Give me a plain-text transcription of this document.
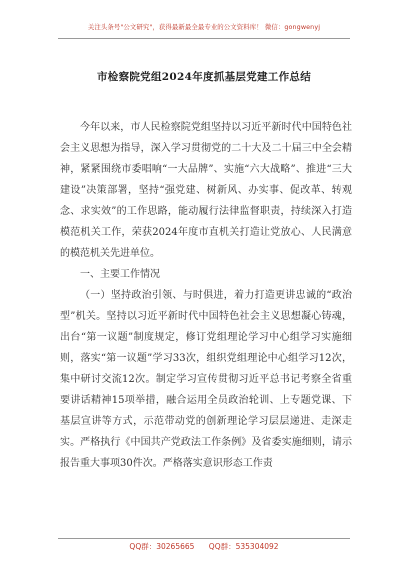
关注头条号"公文研究"，获得最新最全最专业的公文资料库！ 微信：gongwenyj
市检察院党组2024年度抓基层党建工作总结

今年以来，市人民检察院党组坚持以习近平新时代中国特色社会主义思想为指导，深入学习贯彻党的二十大及二十届三中全会精神，紧紧围绕市委唱响“一大品牌”、实施“六大战略”、推进“三大建设”决策部署，坚持“强党建、树新风、办实事、促改革、转观念、求实效”的工作思路，能动履行法律监督职责，持续深入打造模范机关工作，荣获2024年度市直机关打造让党放心、人民满意的模范机关先进单位。

一、主要工作情况

（一）坚持政治引领、与时俱进，着力打造更讲忠诚的“政治型”机关。坚持以习近平新时代中国特色社会主义思想凝心铸魂，出台“第一议题”制度规定，修订党组理论学习中心组学习实施细则，落实“第一议题”学习33次，组织党组理论中心组学习12次，集中研讨交流12次。制定学习宣传贯彻习近平总书记考察全省重要讲话精神15项举措，融合运用全员政治轮训、上专题党课、下基层宣讲等方式，示范带动党的创新理论学习层层递进、走深走实。严格执行《中国共产党政法工作条例》及省委实施细则，请示报告重大事项30件次。严格落实意识形态工作责

QQ群：30265665 QQ群：535304092
